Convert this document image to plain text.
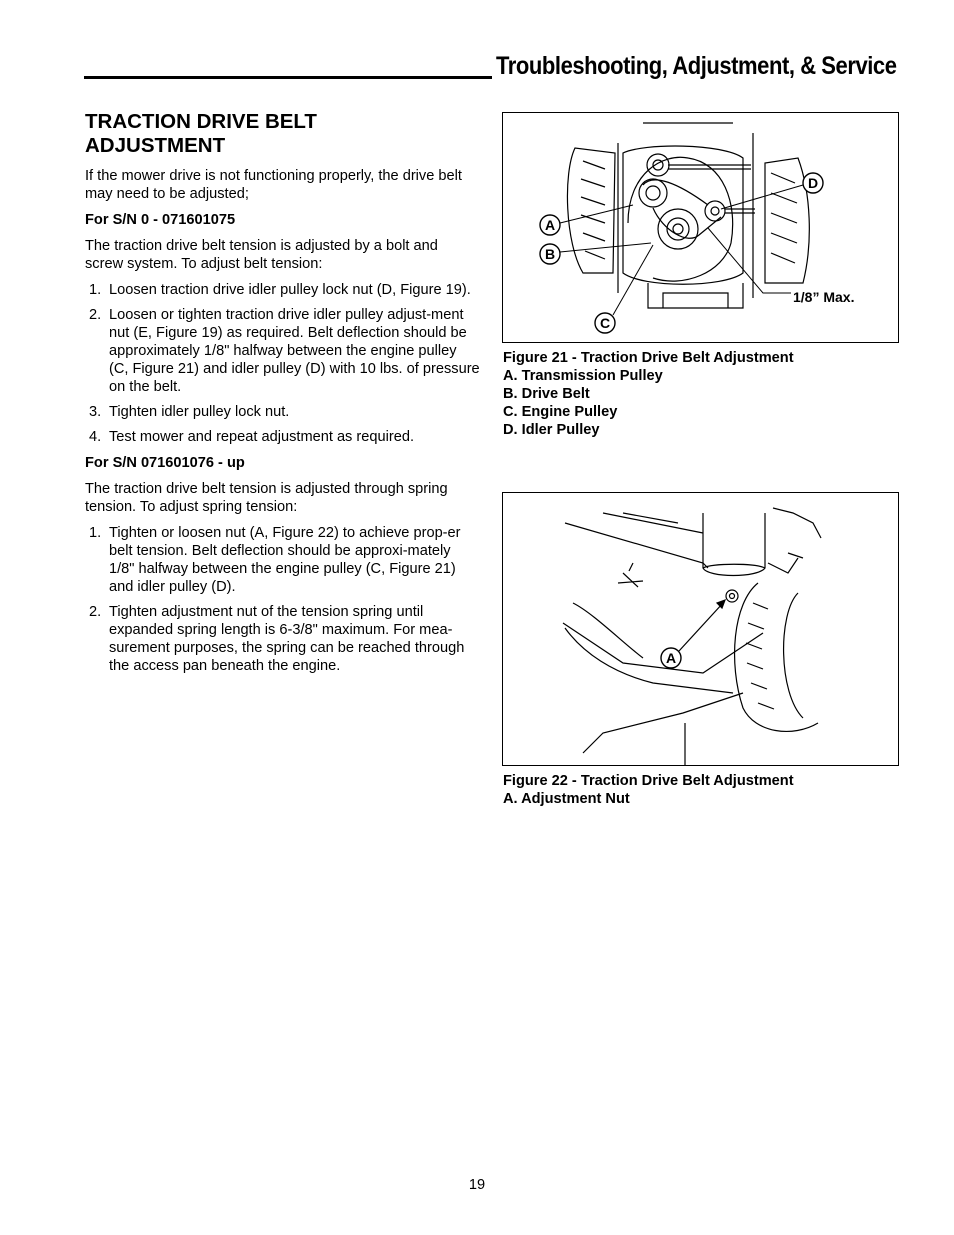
Troubleshooting, Adjustment, & Service
TRACTION DRIVE BELT
ADJUSTMENT

If the mower drive is not functioning properly, the drive belt may need to be adjusted;

For S/N 0 - 071601075

The traction drive belt tension is adjusted by a bolt and screw system. To adjust belt tension:

1. Loosen traction drive idler pulley lock nut (D, Figure 19).
2. Loosen or tighten traction drive idler pulley adjust-ment nut (E, Figure 19) as required. Belt deflection should be approximately 1/8" halfway between the engine pulley (C, Figure 21) and idler pulley (D) with 10 lbs. of pressure on the belt.
3. Tighten idler pulley lock nut.
4. Test mower and repeat adjustment as required.

For S/N 071601076 - up

The traction drive belt tension is adjusted through spring tension. To adjust spring tension:

1. Tighten or loosen nut (A, Figure 22) to achieve prop-er belt tension. Belt deflection should be approxi-mately 1/8" halfway between the engine pulley (C, Figure 21) and idler pulley (D).
2. Tighten adjustment nut of the tension spring until expanded spring length is 6-3/8" maximum. For mea-surement purposes, the spring can be reached through the access pan beneath the engine.
A
B
C
D
1/8” Max.
Figure 21 - Traction Drive Belt Adjustment
A. Transmission Pulley
B. Drive Belt
C. Engine Pulley
D. Idler Pulley
A
Figure 22 - Traction Drive Belt Adjustment
A. Adjustment Nut
19
